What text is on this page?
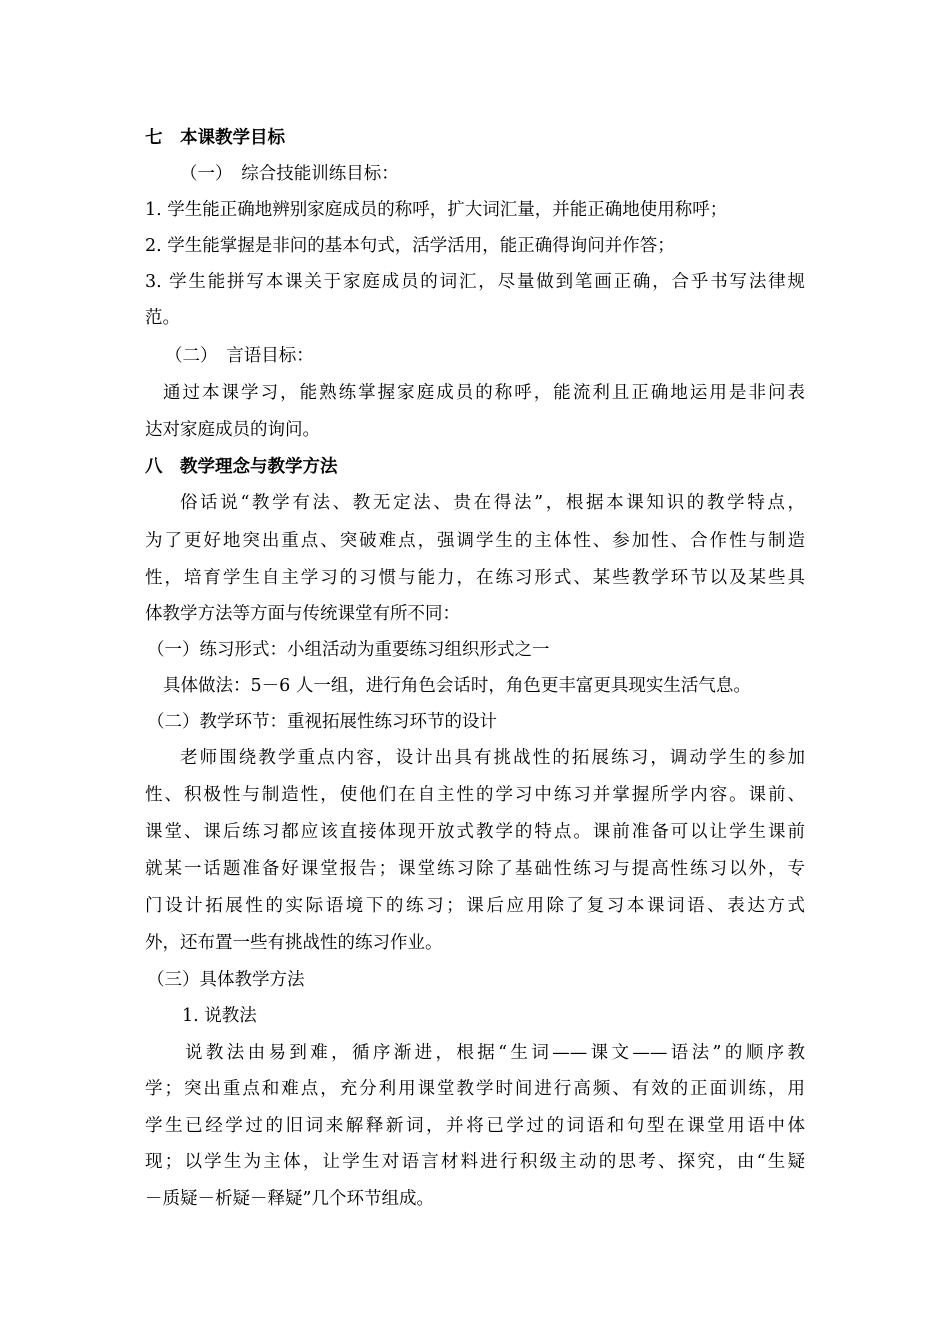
七　本课教学目标
（一）　综合技能训练目标：
1. 学生能正确地辨别家庭成员的称呼，扩大词汇量，并能正确地使用称呼；
2. 学生能掌握是非问的基本句式，活学活用，能正确得询问并作答；
3. 学生能拼写本课关于家庭成员的词汇，尽量做到笔画正确，合乎书写法律规
范。
（二）　言语目标：
通过本课学习，能熟练掌握家庭成员的称呼，能流利且正确地运用是非问表
达对家庭成员的询问。
八　教学理念与教学方法
俗话说“教学有法、教无定法、贵在得法”，根据本课知识的教学特点，
为了更好地突出重点、突破难点，强调学生的主体性、参加性、合作性与制造
性，培育学生自主学习的习惯与能力，在练习形式、某些教学环节以及某些具
体教学方法等方面与传统课堂有所不同：
（一）练习形式：小组活动为重要练习组织形式之一
具体做法：5－6 人一组，进行角色会话时，角色更丰富更具现实生活气息。
（二）教学环节：重视拓展性练习环节的设计
老师围绕教学重点内容，设计出具有挑战性的拓展练习，调动学生的参加
性、积极性与制造性，使他们在自主性的学习中练习并掌握所学内容。课前、
课堂、课后练习都应该直接体现开放式教学的特点。课前准备可以让学生课前
就某一话题准备好课堂报告；课堂练习除了基础性练习与提高性练习以外，专
门设计拓展性的实际语境下的练习；课后应用除了复习本课词语、表达方式
外，还布置一些有挑战性的练习作业。
（三）具体教学方法
1. 说教法
说教法由易到难，循序渐进，根据“生词——课文——语法”的顺序教
学；突出重点和难点，充分利用课堂教学时间进行高频、有效的正面训练，用
学生已经学过的旧词来解释新词，并将已学过的词语和句型在课堂用语中体
现；以学生为主体，让学生对语言材料进行积级主动的思考、探究，由“生疑
－质疑－析疑－释疑”几个环节组成。
